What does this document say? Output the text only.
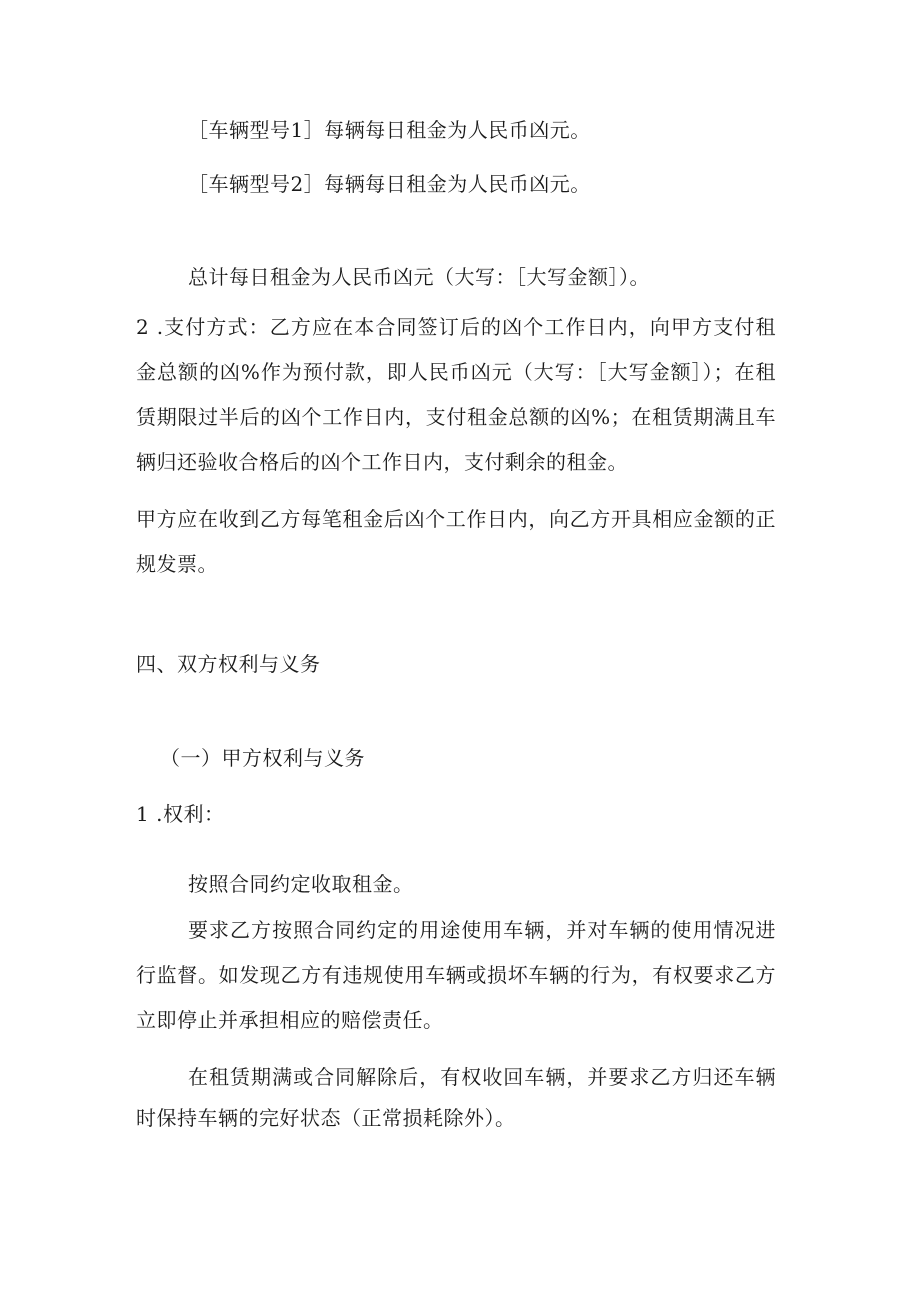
［车辆型号1］每辆每日租金为人民币凶元。
［车辆型号2］每辆每日租金为人民币凶元。
总计每日租金为人民币凶元（大写：［大写金额］）。
2 .支付方式：乙方应在本合同签订后的凶个工作日内，向甲方支付租金总额的凶%作为预付款，即人民币凶元（大写：［大写金额］）；在租赁期限过半后的凶个工作日内，支付租金总额的凶%；在租赁期满且车辆归还验收合格后的凶个工作日内，支付剩余的租金。
甲方应在收到乙方每笔租金后凶个工作日内，向乙方开具相应金额的正规发票。
四、双方权利与义务
（一）甲方权利与义务
1 .权利：
按照合同约定收取租金。
要求乙方按照合同约定的用途使用车辆，并对车辆的使用情况进行监督。如发现乙方有违规使用车辆或损坏车辆的行为，有权要求乙方立即停止并承担相应的赔偿责任。
在租赁期满或合同解除后，有权收回车辆，并要求乙方归还车辆时保持车辆的完好状态（正常损耗除外）。
